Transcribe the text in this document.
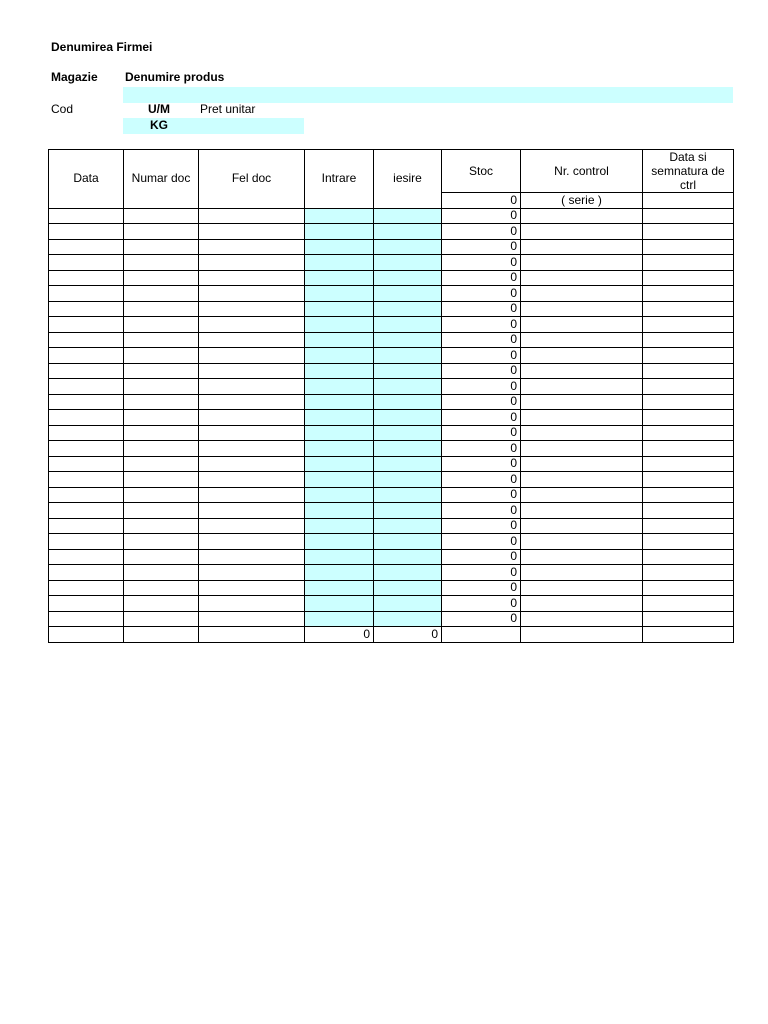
Denumirea Firmei
Magazie Denumire produs
Cod	U/M	Pret unitar
KG
Data	Numar doc	Fel doc	Intrare	iesire	Stoc	Nr. control	Data si semnatura de ctrl
					0	( serie )	
					0		
					0		
					0		
					0		
					0		
					0		
					0		
					0		
					0		
					0		
					0		
					0		
					0		
					0		
					0		
					0		
					0		
					0		
					0		
					0		
					0		
					0		
					0		
					0		
					0		
					0		
					0		
			0	0			
